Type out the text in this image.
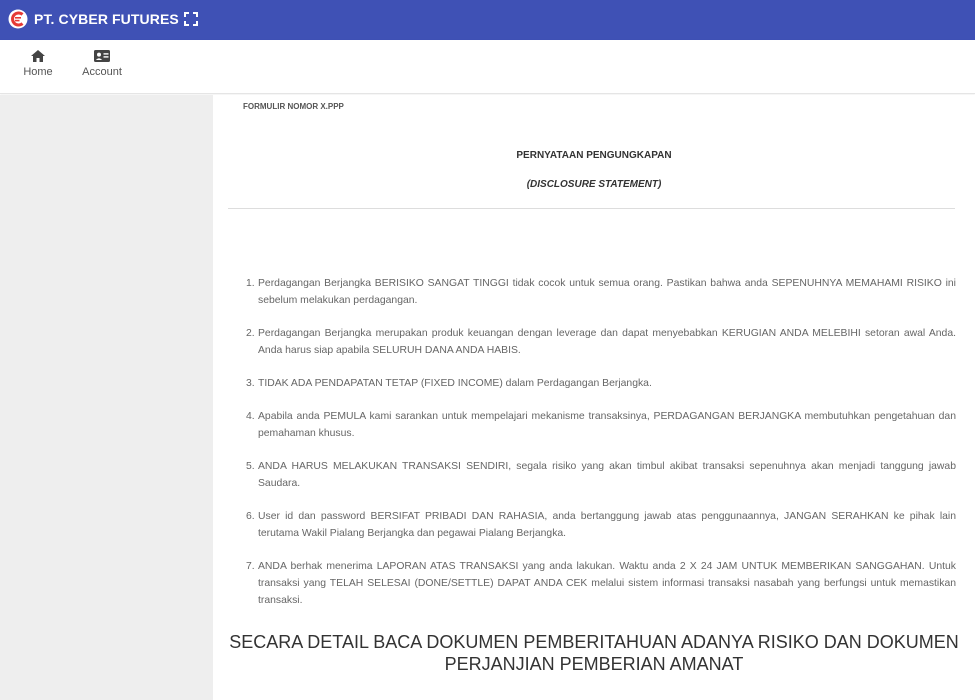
PT. CYBER FUTURES
Home	Account
FORMULIR NOMOR X.PPP
PERNYATAAN PENGUNGKAPAN
(DISCLOSURE STATEMENT)
1. Perdagangan Berjangka BERISIKO SANGAT TINGGI tidak cocok untuk semua orang. Pastikan bahwa anda SEPENUHNYA MEMAHAMI RISIKO ini sebelum melakukan perdagangan.
2. Perdagangan Berjangka merupakan produk keuangan dengan leverage dan dapat menyebabkan KERUGIAN ANDA MELEBIHI setoran awal Anda. Anda harus siap apabila SELURUH DANA ANDA HABIS.
3. TIDAK ADA PENDAPATAN TETAP (FIXED INCOME) dalam Perdagangan Berjangka.
4. Apabila anda PEMULA kami sarankan untuk mempelajari mekanisme transaksinya, PERDAGANGAN BERJANGKA membutuhkan pengetahuan dan pemahaman khusus.
5. ANDA HARUS MELAKUKAN TRANSAKSI SENDIRI, segala risiko yang akan timbul akibat transaksi sepenuhnya akan menjadi tanggung jawab Saudara.
6. User id dan password BERSIFAT PRIBADI DAN RAHASIA, anda bertanggung jawab atas penggunaannya, JANGAN SERAHKAN ke pihak lain terutama Wakil Pialang Berjangka dan pegawai Pialang Berjangka.
7. ANDA berhak menerima LAPORAN ATAS TRANSAKSI yang anda lakukan. Waktu anda 2 X 24 JAM UNTUK MEMBERIKAN SANGGAHAN. Untuk transaksi yang TELAH SELESAI (DONE/SETTLE) DAPAT ANDA CEK melalui sistem informasi transaksi nasabah yang berfungsi untuk memastikan transaksi.
SECARA DETAIL BACA DOKUMEN PEMBERITAHUAN ADANYA RISIKO DAN DOKUMEN PERJANJIAN PEMBERIAN AMANAT
